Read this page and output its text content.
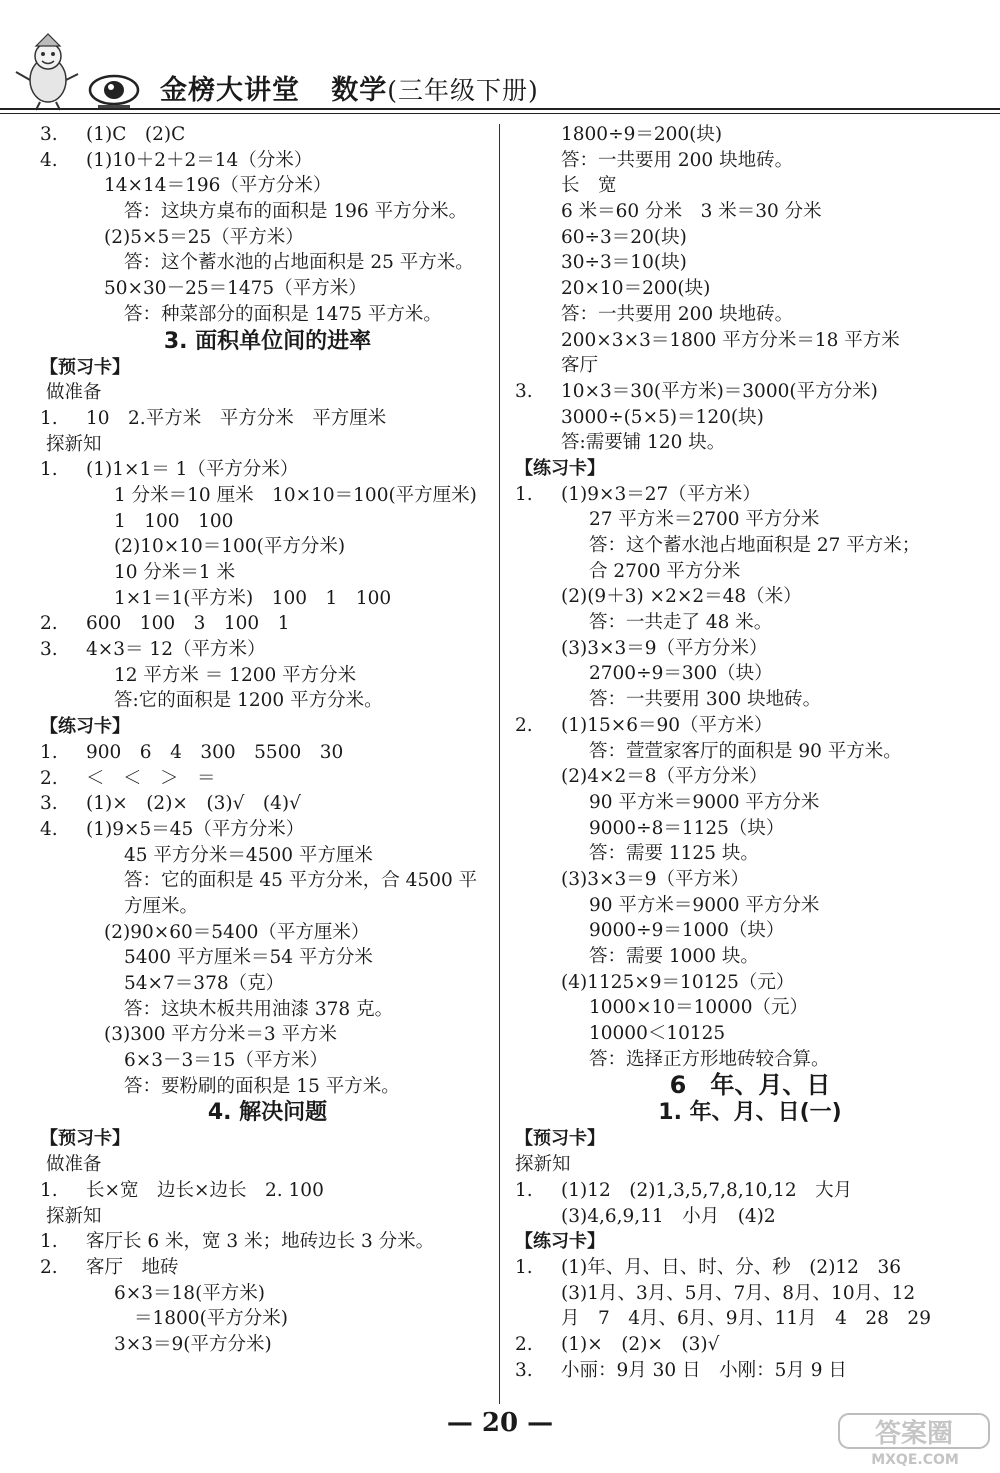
金榜大讲堂 数学(三年级下册)
3. (1)C　(2)C
4. (1)10＋2＋2＝14（分米）
14×14＝196（平方分米）
答：这块方桌布的面积是 196 平方分米。
(2)5×5＝25（平方米）
答：这个蓄水池的占地面积是 25 平方米。
50×30－25＝1475（平方米）
答：种菜部分的面积是 1475 平方米。
3. 面积单位间的进率
【预习卡】
做准备
1. 10　2.平方米　平方分米　平方厘米
探新知
1. (1)1×1＝ 1（平方分米）
1 分米＝10 厘米　10×10＝100(平方厘米)
1　100　100
(2)10×10＝100(平方分米)
10 分米＝1 米
1×1＝1(平方米)　100　1　100
2. 600　100　3　100　1
3. 4×3＝ 12（平方米）
12 平方米 ＝ 1200 平方分米
答:它的面积是 1200 平方分米。
【练习卡】
1. 900　6　4　300　5500　30
2. ＜　＜　＞　＝
3. (1)×　(2)×　(3)√　(4)√
4. (1)9×5＝45（平方分米）
45 平方分米＝4500 平方厘米
答：它的面积是 45 平方分米，合 4500 平
方厘米。
(2)90×60＝5400（平方厘米）
5400 平方厘米＝54 平方分米
54×7＝378（克）
答：这块木板共用油漆 378 克。
(3)300 平方分米＝3 平方米
6×3－3＝15（平方米）
答：要粉刷的面积是 15 平方米。
4. 解决问题
【预习卡】
做准备
1. 长×宽　边长×边长　2. 100
探新知
1. 客厅长 6 米，宽 3 米；地砖边长 3 分米。
2. 客厅　地砖
6×3＝18(平方米)
＝1800(平方分米)
3×3＝9(平方分米)
1800÷9＝200(块)
答：一共要用 200 块地砖。
长　宽
6 米＝60 分米　3 米＝30 分米
60÷3＝20(块)
30÷3＝10(块)
20×10＝200(块)
答：一共要用 200 块地砖。
200×3×3＝1800 平方分米＝18 平方米
客厅
3. 10×3＝30(平方米)＝3000(平方分米)
3000÷(5×5)＝120(块)
答:需要铺 120 块。
【练习卡】
1. (1)9×3＝27（平方米）
27 平方米＝2700 平方分米
答：这个蓄水池占地面积是 27 平方米；
合 2700 平方分米
(2)(9＋3) ×2×2＝48（米）
答：一共走了 48 米。
(3)3×3＝9（平方分米）
2700÷9＝300（块）
答：一共要用 300 块地砖。
2. (1)15×6＝90（平方米）
答：萱萱家客厅的面积是 90 平方米。
(2)4×2＝8（平方分米）
90 平方米＝9000 平方分米
9000÷8＝1125（块）
答：需要 1125 块。
(3)3×3＝9（平方米）
90 平方米＝9000 平方分米
9000÷9＝1000（块）
答：需要 1000 块。
(4)1125×9＝10125（元）
1000×10＝10000（元）
10000＜10125
答：选择正方形地砖较合算。
6　年、月、日
1. 年、月、日(一)
【预习卡】
探新知
1. (1)12　(2)1,3,5,7,8,10,12　大月
(3)4,6,9,11　小月　(4)2
【练习卡】
1. (1)年、月、日、时、分、秒　(2)12　36
(3)1月、3月、5月、7月、8月、10月、12
月　7　4月、6月、9月、11月　4　28　29
2. (1)×　(2)×　(3)√
3. 小丽：9月 30 日　小刚：5月 9 日
— 20 —	答案圈
MXQE.COM
